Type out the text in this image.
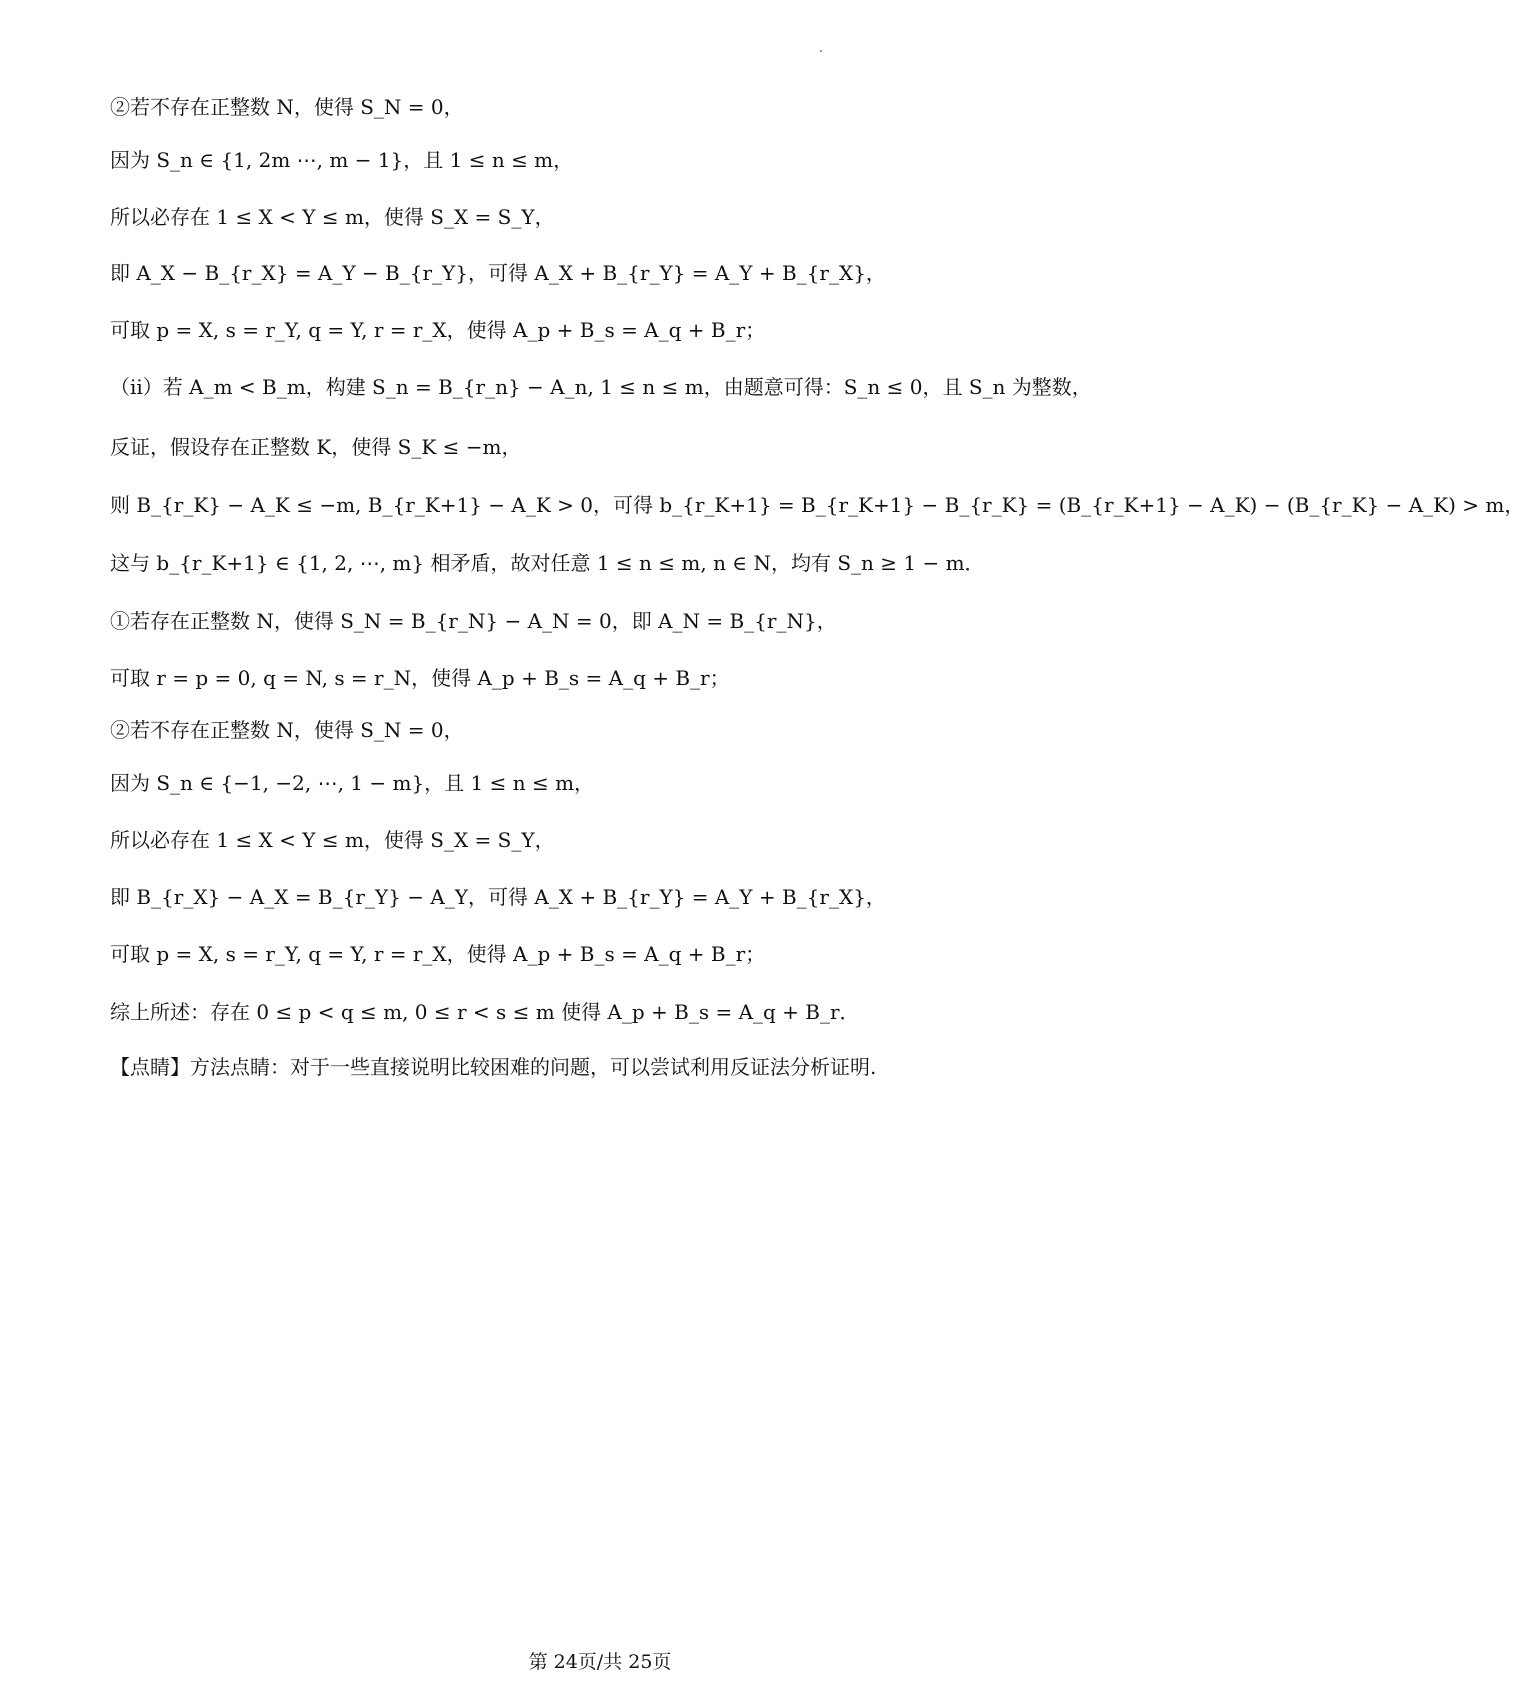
②若不存在正整数 N，使得 S_N = 0，
因为 S_n ∈ {1, 2m ⋯, m − 1}，且 1 ≤ n ≤ m，
所以必存在 1 ≤ X < Y ≤ m，使得 S_X = S_Y，
即 A_X − B_{r_X} = A_Y − B_{r_Y}，可得 A_X + B_{r_Y} = A_Y + B_{r_X}，
可取 p = X, s = r_Y, q = Y, r = r_X，使得 A_p + B_s = A_q + B_r；
（ii）若 A_m < B_m，构建 S_n = B_{r_n} − A_n, 1 ≤ n ≤ m，由题意可得：S_n ≤ 0，且 S_n 为整数，
反证，假设存在正整数 K，使得 S_K ≤ −m，
则 B_{r_K} − A_K ≤ −m, B_{r_K+1} − A_K > 0，可得 b_{r_K+1} = B_{r_K+1} − B_{r_K} = (B_{r_K+1} − A_K) − (B_{r_K} − A_K) > m，
这与 b_{r_K+1} ∈ {1, 2, ⋯, m} 相矛盾，故对任意 1 ≤ n ≤ m, n ∈ N，均有 S_n ≥ 1 − m．
①若存在正整数 N，使得 S_N = B_{r_N} − A_N = 0，即 A_N = B_{r_N}，
可取 r = p = 0, q = N, s = r_N，使得 A_p + B_s = A_q + B_r；
②若不存在正整数 N，使得 S_N = 0，
因为 S_n ∈ {−1, −2, ⋯, 1 − m}，且 1 ≤ n ≤ m，
所以必存在 1 ≤ X < Y ≤ m，使得 S_X = S_Y，
即 B_{r_X} − A_X = B_{r_Y} − A_Y，可得 A_X + B_{r_Y} = A_Y + B_{r_X}，
可取 p = X, s = r_Y, q = Y, r = r_X，使得 A_p + B_s = A_q + B_r；
综上所述：存在 0 ≤ p < q ≤ m, 0 ≤ r < s ≤ m 使得 A_p + B_s = A_q + B_r．
【点睛】方法点睛：对于一些直接说明比较困难的问题，可以尝试利用反证法分析证明.
第 24页/共 25页
